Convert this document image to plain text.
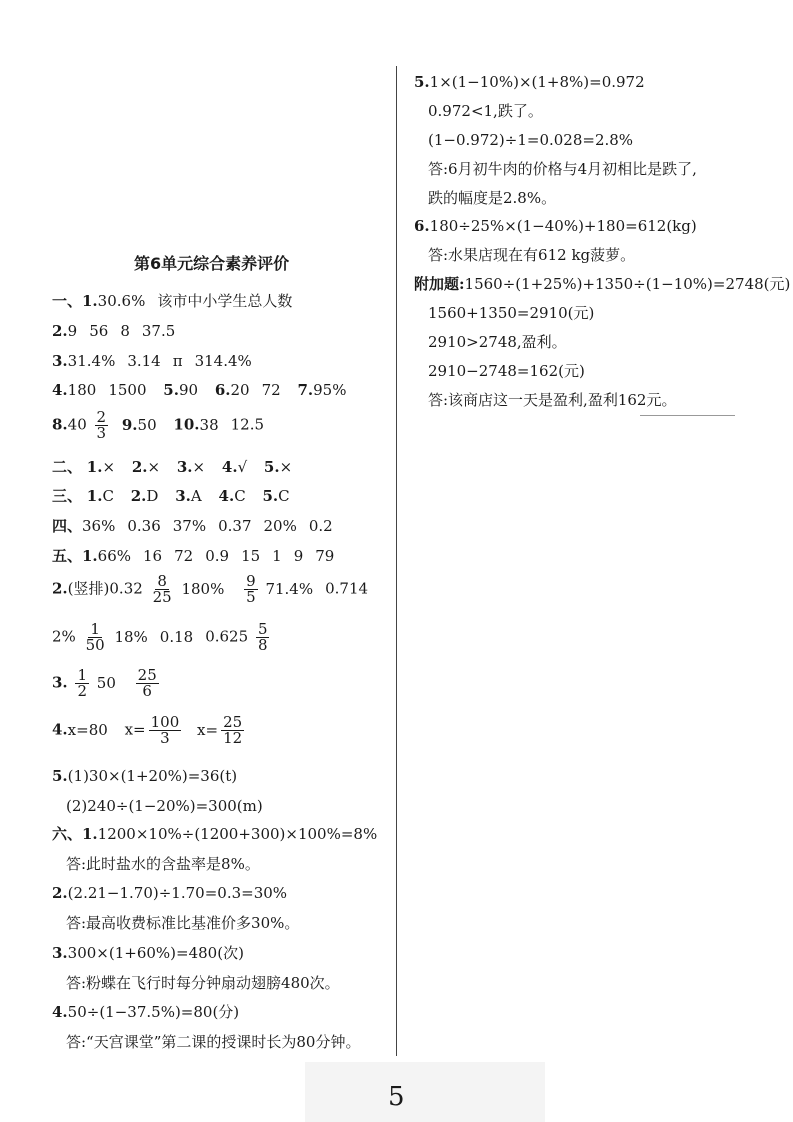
第6单元综合素养评价
一、1.30.6% 该市中小学生总人数
2.9 56 8 37.5
3.31.4% 3.14 π 314.4%
4.180 1500 5.90 6.20 72 7.95%
$8.40 \frac{2}{3} 9.50$ 10.38 12.5
二、 1.× 2.× 3.× 4.√ 5.×
三、 1.C 2.D 3.A 4.C 5.C
四、36% 0.36 37% 0.37 20% 0.2
五、1.66% 16 72 0.9 15 1 9 79
2.(竖排)$0.32 \frac{8}{25} 180\% \frac{9}{5} 71.4\%$ 0.714
$2\% \frac{1}{50} 18\%$ 0.18 $0.625 \frac{5}{8}$
3. $\frac{1}{2} 50 \frac{25}{6}$
4.x=80 $x= \frac{100}{3} x= \frac{25}{12}$
5.(1)30×(1+20%)=36(t)
(2)240÷(1−20%)=300(m)
六、1.1200×10%÷(1200+300)×100%=8%
答:此时盐水的含盐率是8%。
2.(2.21−1.70)÷1.70=0.3=30%
答:最高收费标准比基准价多30%。
3.300×(1+60%)=480(次)
答:粉蝶在飞行时每分钟扇动翅膀480次。
4.50÷(1−37.5%)=80(分)
答:“天宫课堂”第二课的授课时长为80分钟。
5.1×(1−10%)×(1+8%)=0.972
0.972<1,跌了。
(1−0.972)÷1=0.028=2.8%
答:6月初牛肉的价格与4月初相比是跌了,
跌的幅度是2.8%。
6.180÷25%×(1−40%)+180=612(kg)
答:水果店现在有612 kg菠萝。
附加题:1560÷(1+25%)+1350÷(1−10%)=2748(元)
1560+1350=2910(元)
2910>2748,盈利。
2910−2748=162(元)
答:该商店这一天是盈利,盈利162元。
5
